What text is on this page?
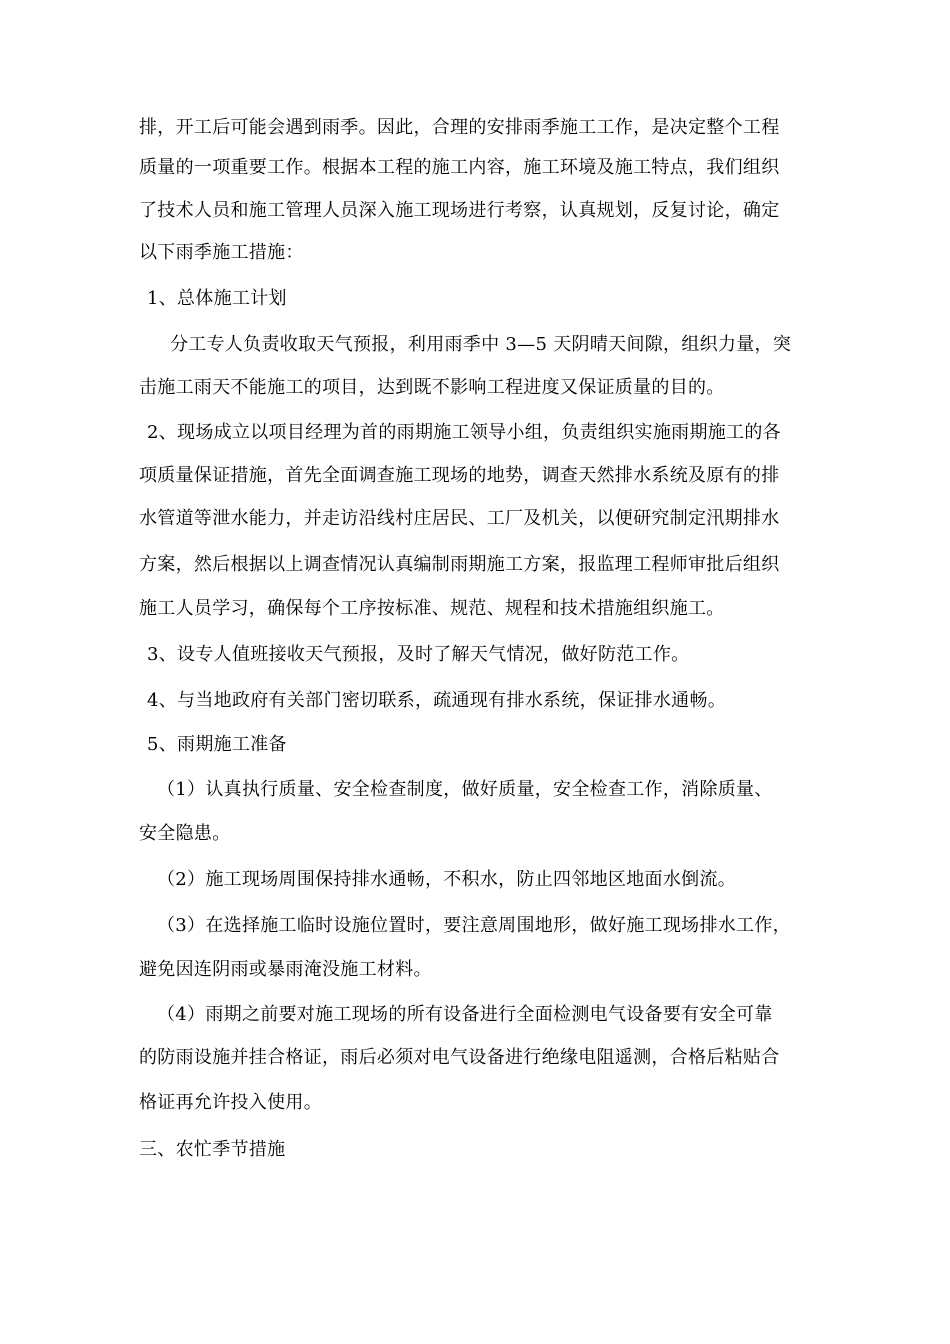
排，开工后可能会遇到雨季。因此，合理的安排雨季施工工作，是决定整个工程
质量的一项重要工作。根据本工程的施工内容，施工环境及施工特点，我们组织
了技术人员和施工管理人员深入施工现场进行考察，认真规划，反复讨论，确定
以下雨季施工措施：
1、总体施工计划
分工专人负责收取天气预报，利用雨季中 3—5 天阴晴天间隙，组织力量，突
击施工雨天不能施工的项目，达到既不影响工程进度又保证质量的目的。
2、现场成立以项目经理为首的雨期施工领导小组，负责组织实施雨期施工的各
项质量保证措施，首先全面调查施工现场的地势，调查天然排水系统及原有的排
水管道等泄水能力，并走访沿线村庄居民、工厂及机关，以便研究制定汛期排水
方案，然后根据以上调查情况认真编制雨期施工方案，报监理工程师审批后组织
施工人员学习，确保每个工序按标准、规范、规程和技术措施组织施工。
3、设专人值班接收天气预报，及时了解天气情况，做好防范工作。
4、与当地政府有关部门密切联系，疏通现有排水系统，保证排水通畅。
5、雨期施工准备
（1）认真执行质量、安全检查制度，做好质量，安全检查工作，消除质量、
安全隐患。
（2）施工现场周围保持排水通畅，不积水，防止四邻地区地面水倒流。
（3）在选择施工临时设施位置时，要注意周围地形，做好施工现场排水工作，
避免因连阴雨或暴雨淹没施工材料。
（4）雨期之前要对施工现场的所有设备进行全面检测电气设备要有安全可靠
的防雨设施并挂合格证，雨后必须对电气设备进行绝缘电阻遥测，合格后粘贴合
格证再允许投入使用。
三、农忙季节措施
